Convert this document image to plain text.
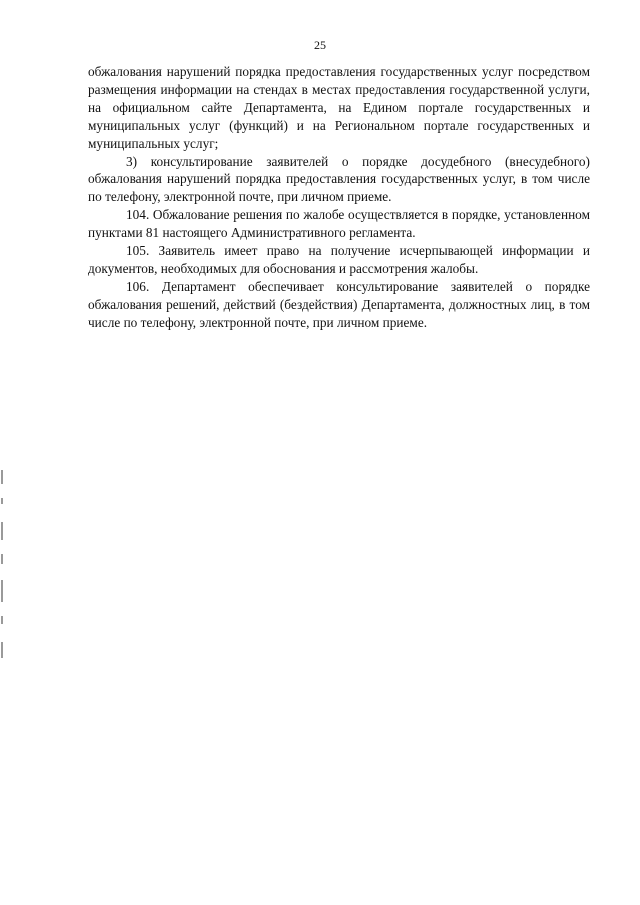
25

обжалования нарушений порядка предоставления государственных услуг посредством размещения информации на стендах в местах предоставления государственной услуги, на официальном сайте Департамента, на Едином портале государственных и муниципальных услуг (функций) и на Региональном портале государственных и муниципальных услуг;

3) консультирование заявителей о порядке досудебного (внесудебного) обжалования нарушений порядка предоставления государственных услуг, в том числе по телефону, электронной почте, при личном приеме.

104. Обжалование решения по жалобе осуществляется в порядке, установленном пунктами 81 настоящего Административного регламента.

105. Заявитель имеет право на получение исчерпывающей информации и документов, необходимых для обоснования и рассмотрения жалобы.

106. Департамент обеспечивает консультирование заявителей о порядке обжалования решений, действий (бездействия) Департамента, должностных лиц, в том числе по телефону, электронной почте, при личном приеме.
